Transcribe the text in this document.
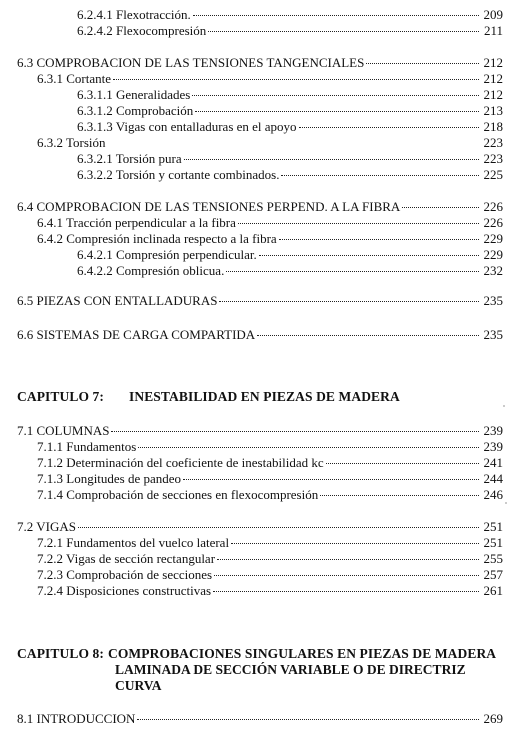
6.2.4.1 Flexotracción.	209
6.2.4.2 Flexocompresión	211
6.3 COMPROBACION DE LAS TENSIONES TANGENCIALES	212
6.3.1 Cortante	212
6.3.1.1 Generalidades	212
6.3.1.2 Comprobación	213
6.3.1.3 Vigas con entalladuras en el apoyo	218
6.3.2 Torsión	223
6.3.2.1 Torsión pura	223
6.3.2.2 Torsión y cortante combinados.	225
6.4 COMPROBACION DE LAS TENSIONES PERPEND. A LA FIBRA	226
6.4.1 Tracción perpendicular a la fibra	226
6.4.2 Compresión inclinada respecto a la fibra	229
6.4.2.1 Compresión perpendicular.	229
6.4.2.2 Compresión oblicua.	232
6.5 PIEZAS CON ENTALLADURAS	235
6.6 SISTEMAS DE CARGA COMPARTIDA	235
CAPITULO 7: INESTABILIDAD EN PIEZAS DE MADERA
7.1 COLUMNAS	239
7.1.1 Fundamentos	239
7.1.2 Determinación del coeficiente de inestabilidad kc	241
7.1.3 Longitudes de pandeo	244
7.1.4 Comprobación de secciones en flexocompresión	246
7.2 VIGAS	251
7.2.1 Fundamentos del vuelco lateral	251
7.2.2 Vigas de sección rectangular	255
7.2.3 Comprobación de secciones	257
7.2.4 Disposiciones constructivas	261
CAPITULO 8: COMPROBACIONES SINGULARES EN PIEZAS DE MADERA
LAMINADA DE SECCIÓN VARIABLE O DE DIRECTRIZ
CURVA
8.1 INTRODUCCION	269
